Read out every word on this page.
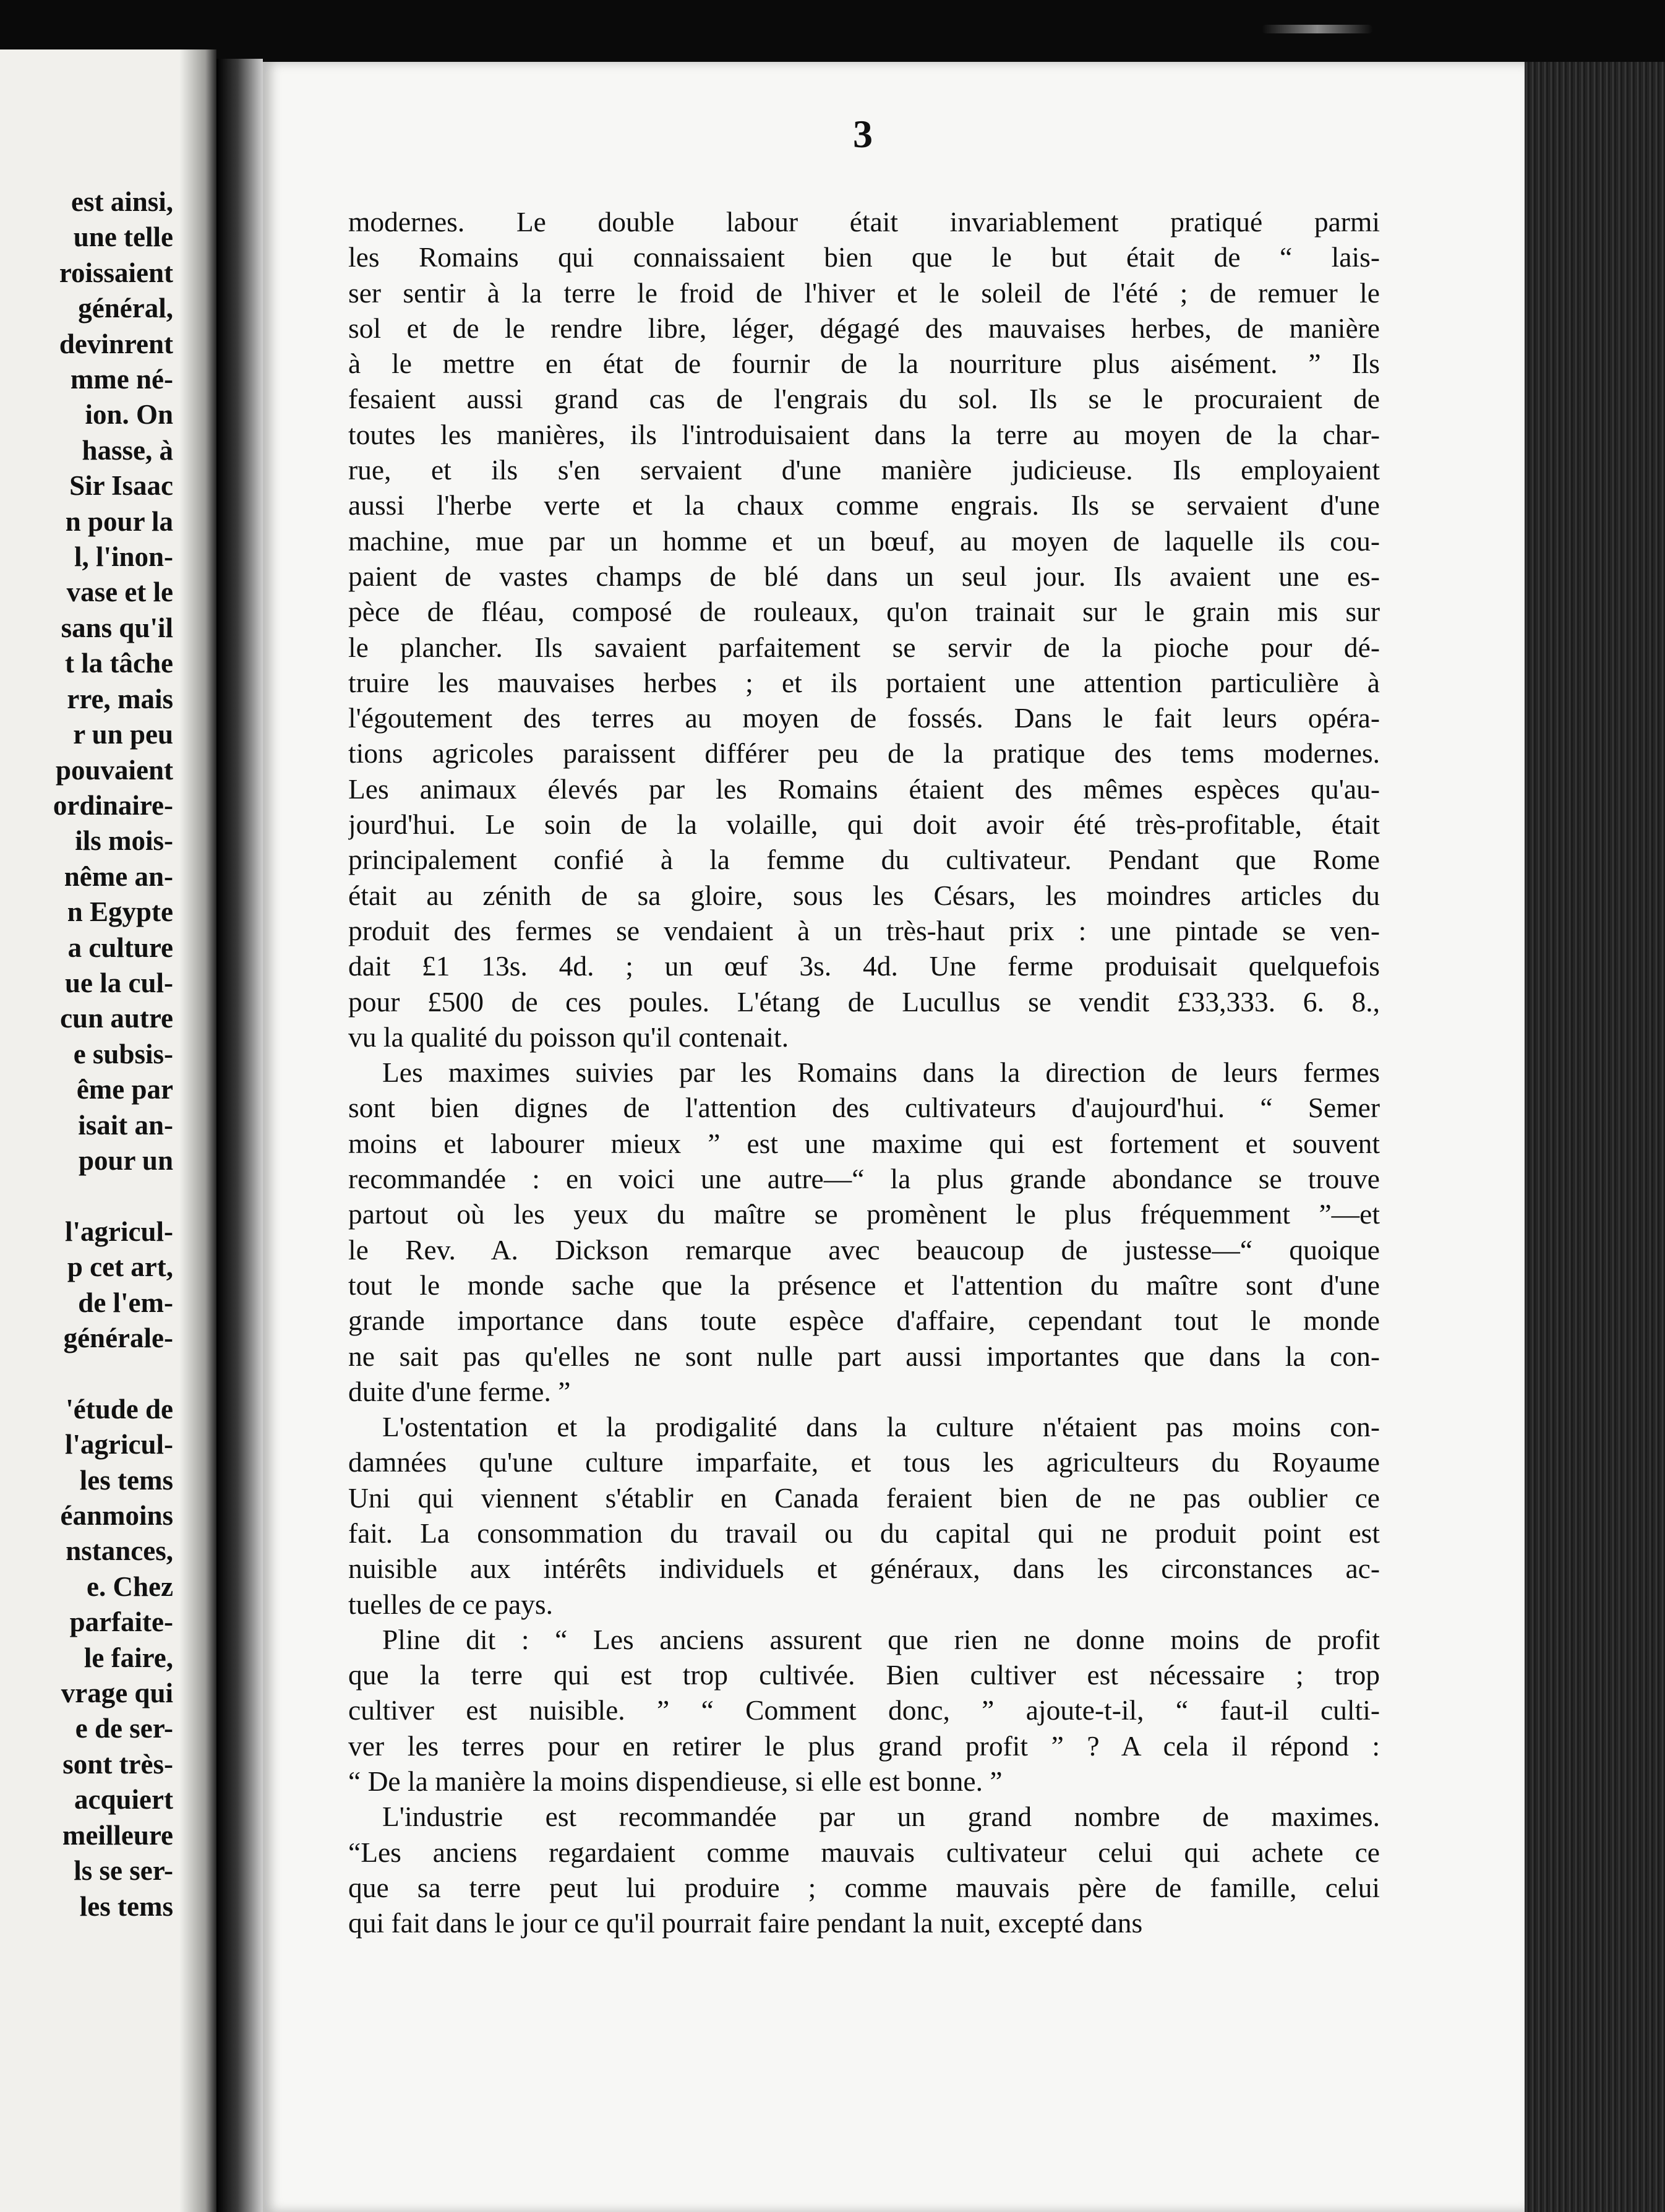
est ainsi,
une telle
roissaient
général,
devinrent
mme né-
ion. On
hasse, à
Sir Isaac
n pour la
l, l'inon-
vase et le
sans qu'il
t la tâche
rre, mais
r un peu
pouvaient
ordinaire-
ils mois-
nême an-
n Egypte
a culture
ue la cul-
cun autre
e subsis-
ême par
isait an-
pour un

l'agricul-
p cet art,
de l'em-
générale-

'étude de
l'agricul-
les tems
éanmoins
nstances,
e. Chez
parfaite-
le faire,
vrage qui
e de ser-
sont très-
acquiert
meilleure
ls se ser-
les tems
3

modernes. Le double labour était invariablement pratiqué parmi
les Romains qui connaissaient bien que le but était de “ lais-
ser sentir à la terre le froid de l'hiver et le soleil de l'été ; de remuer le
sol et de le rendre libre, léger, dégagé des mauvaises herbes, de manière
à le mettre en état de fournir de la nourriture plus aisément. ” Ils
fesaient aussi grand cas de l'engrais du sol. Ils se le procuraient de
toutes les manières, ils l'introduisaient dans la terre au moyen de la char-
rue, et ils s'en servaient d'une manière judicieuse. Ils employaient
aussi l'herbe verte et la chaux comme engrais. Ils se servaient d'une
machine, mue par un homme et un bœuf, au moyen de laquelle ils cou-
paient de vastes champs de blé dans un seul jour. Ils avaient une es-
pèce de fléau, composé de rouleaux, qu'on trainait sur le grain mis sur
le plancher. Ils savaient parfaitement se servir de la pioche pour dé-
truire les mauvaises herbes ; et ils portaient une attention particulière à
l'égoutement des terres au moyen de fossés. Dans le fait leurs opéra-
tions agricoles paraissent différer peu de la pratique des tems modernes.
Les animaux élevés par les Romains étaient des mêmes espèces qu'au-
jourd'hui. Le soin de la volaille, qui doit avoir été très-profitable, était
principalement confié à la femme du cultivateur. Pendant que Rome
était au zénith de sa gloire, sous les Césars, les moindres articles du
produit des fermes se vendaient à un très-haut prix : une pintade se ven-
dait £1 13s. 4d. ; un œuf 3s. 4d. Une ferme produisait quelquefois
pour £500 de ces poules. L'étang de Lucullus se vendit £33,333. 6. 8.,
vu la qualité du poisson qu'il contenait.

Les maximes suivies par les Romains dans la direction de leurs fermes
sont bien dignes de l'attention des cultivateurs d'aujourd'hui. “ Semer
moins et labourer mieux ” est une maxime qui est fortement et souvent
recommandée : en voici une autre—“ la plus grande abondance se trouve
partout où les yeux du maître se promènent le plus fréquemment ”—et
le Rev. A. Dickson remarque avec beaucoup de justesse—“ quoique
tout le monde sache que la présence et l'attention du maître sont d'une
grande importance dans toute espèce d'affaire, cependant tout le monde
ne sait pas qu'elles ne sont nulle part aussi importantes que dans la con-
duite d'une ferme. ”

L'ostentation et la prodigalité dans la culture n'étaient pas moins con-
damnées qu'une culture imparfaite, et tous les agriculteurs du Royaume
Uni qui viennent s'établir en Canada feraient bien de ne pas oublier ce
fait. La consommation du travail ou du capital qui ne produit point est
nuisible aux intérêts individuels et généraux, dans les circonstances ac-
tuelles de ce pays.

Pline dit : “ Les anciens assurent que rien ne donne moins de profit
que la terre qui est trop cultivée. Bien cultiver est nécessaire ; trop
cultiver est nuisible. ” “ Comment donc, ” ajoute-t-il, “ faut-il culti-
ver les terres pour en retirer le plus grand profit ” ? A cela il répond :
“ De la manière la moins dispendieuse, si elle est bonne. ”

L'industrie est recommandée par un grand nombre de maximes.
“Les anciens regardaient comme mauvais cultivateur celui qui achete ce
que sa terre peut lui produire ; comme mauvais père de famille, celui
qui fait dans le jour ce qu'il pourrait faire pendant la nuit, excepté dans
